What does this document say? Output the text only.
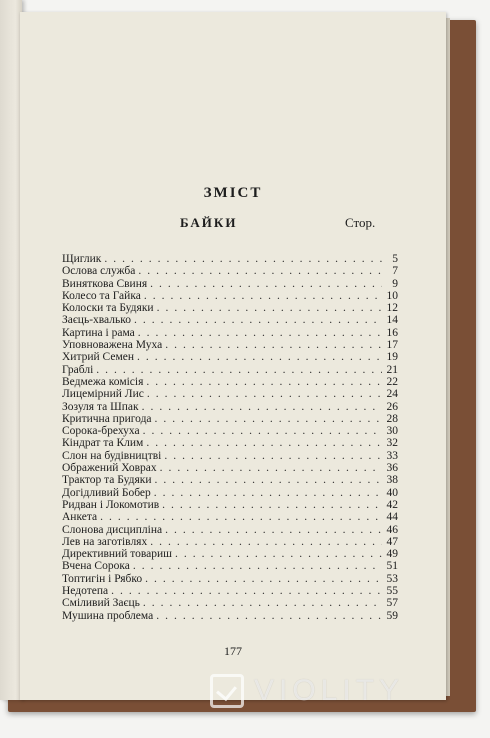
ЗМІСТ
БАЙКИ	Стор.
Щиглик .....	5
Ослова служба .....	7
Винятковa Свиня .....	9
Колесо та Гайка .....	10
Колоски та Будяки .....	12
Заєць-хвалько .....	14
Картина і рама .....	16
Уповноважена Муха .....	17
Хитрий Семен .....	19
Граблі .....	21
Ведмежа комісія .....	22
Лицемірний Лис .....	24
Зозуля та Шпак .....	26
Критична пригода .....	28
Сорока-брехуха .....	30
Кіндрат та Клим .....	32
Слон на будівництві .....	33
Ображений Ховрах .....	36
Трактор та Будяки .....	38
Догідливий Бобер .....	40
Ридван і Локомотив .....	42
Анкета .....	44
Слонова дисципліна .....	46
Лев на заготівлях .....	47
Директивний товариш .....	49
Вчена Сорока .....	51
Топтигін і Рябко .....	53
Недотепа .....	55
Сміливий Заєць .....	57
Мушина проблема .....	59
177
VIOLITY
